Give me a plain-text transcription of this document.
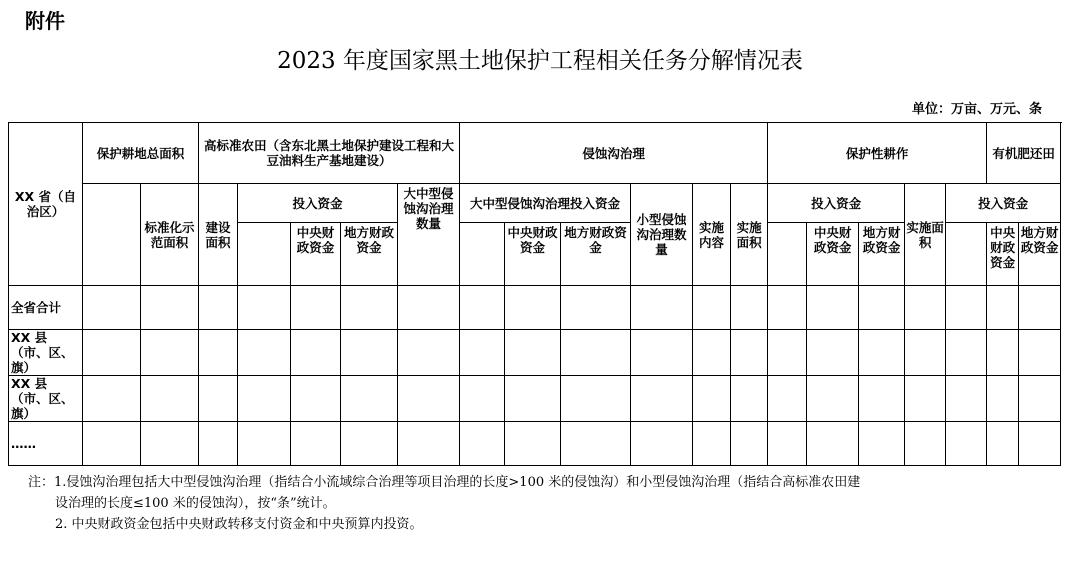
附件
2023 年度国家黑土地保护工程相关任务分解情况表
单位：万亩、万元、条
XX 省（自治区）	保护耕地总面积		高标准农田（含东北黑土地保护建设工程和大豆油料生产基地建设）					侵蚀沟治理						保护性耕作					有机肥还田	
		标准化示范面积	建设面积	投入资金			大中型侵蚀沟治理数量	大中型侵蚀沟治理投入资金			小型侵蚀沟治理数量	实施内容	实施面积	投入资金			实施面积	投入资金		
					中央财政资金	地方财政资金			中央财政资金	地方财政资金					中央财政资金	地方财政资金			中央财政资金	地方财政资金
全省合计																				
XX 县（市、区、旗）																				
XX 县（市、区、旗）																				
……																				
注：1.侵蚀沟治理包括大中型侵蚀沟治理（指结合小流域综合治理等项目治理的长度>100 米的侵蚀沟）和小型侵蚀沟治理（指结合高标准农田建
设治理的长度≤100 米的侵蚀沟），按“条”统计。
2. 中央财政资金包括中央财政转移支付资金和中央预算内投资。
